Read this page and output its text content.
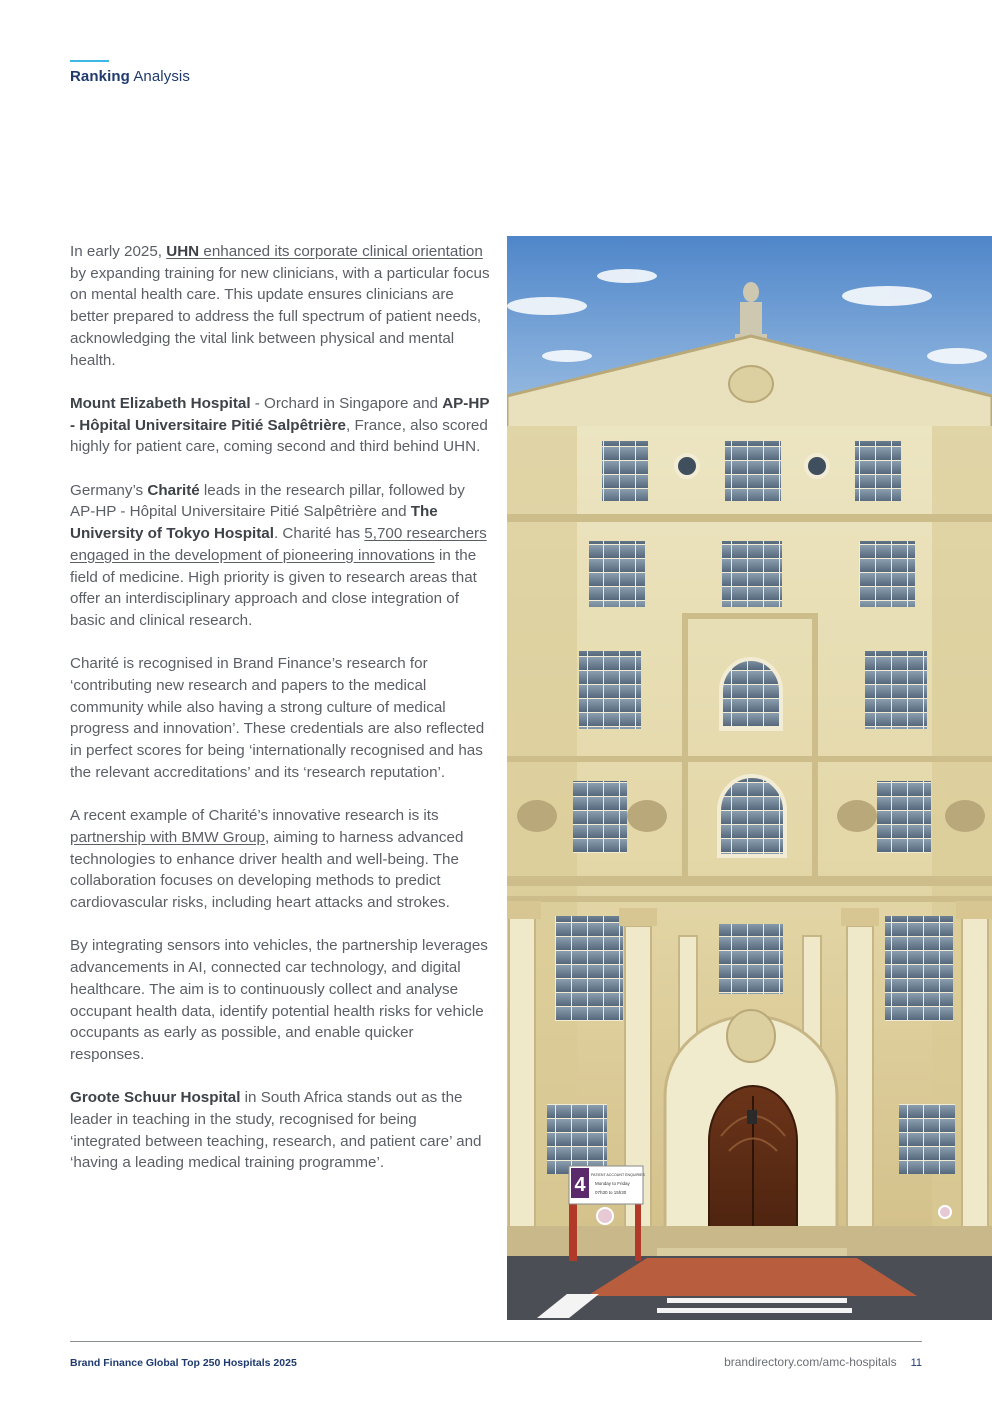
Ranking Analysis

In early 2025, UHN enhanced its corporate clinical orientation by expanding training for new clinicians, with a particular focus on mental health care. This update ensures clinicians are better prepared to address the full spectrum of patient needs, acknowledging the vital link between physical and mental health.

Mount Elizabeth Hospital - Orchard in Singapore and AP-HP - Hôpital Universitaire Pitié Salpêtrière, France, also scored highly for patient care, coming second and third behind UHN.

Germany’s Charité leads in the research pillar, followed by AP-HP - Hôpital Universitaire Pitié Salpêtrière and The University of Tokyo Hospital. Charité has 5,700 researchers engaged in the development of pioneering innovations in the field of medicine. High priority is given to research areas that offer an interdisciplinary approach and close integration of basic and clinical research.

Charité is recognised in Brand Finance’s research for ‘contributing new research and papers to the medical community while also having a strong culture of medical progress and innovation’. These credentials are also reflected in perfect scores for being ‘internationally recognised and has the relevant accreditations’ and its ‘research reputation’.

A recent example of Charité’s innovative research is its partnership with BMW Group, aiming to harness advanced technologies to enhance driver health and well-being. The collaboration focuses on developing methods to predict cardiovascular risks, including heart attacks and strokes.

By integrating sensors into vehicles, the partnership leverages advancements in AI, connected car technology, and digital healthcare. The aim is to continuously collect and analyse occupant health data, identify potential health risks for vehicle occupants as early as possible, and enable quicker responses.

Groote Schuur Hospital in South Africa stands out as the leader in teaching in the study, recognised for being ‘integrated between teaching, research, and patient care’ and ‘having a leading medical training programme’.

4 PATIENT ACCOUNT ENQUIRIES
Monday to Friday
07h30 to 15h30
Brand Finance Global Top 250 Hospitals 2025	brandirectory.com/amc-hospitals 11
